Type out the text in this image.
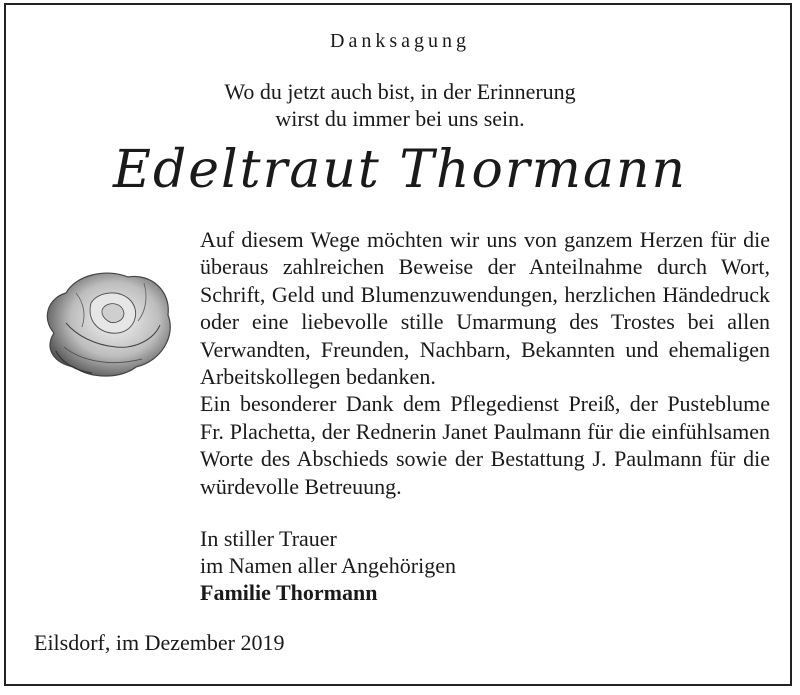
Danksagung
Wo du jetzt auch bist, in der Erinnerung
wirst du immer bei uns sein.
Edeltraut Thormann

Auf diesem Wege möchten wir uns von ganzem Herzen für die überaus zahlreichen Beweise der Anteilnahme durch Wort, Schrift, Geld und Blumenzuwendungen, herzlichen Händedruck oder eine liebevolle stille Umarmung des Trostes bei allen Verwandten, Freunden, Nachbarn, Bekannten und ehemaligen Arbeitskollegen bedanken.

Ein besonderer Dank dem Pflegedienst Preiß, der Pusteblume Fr. Plachetta, der Rednerin Janet Paulmann für die einfühlsamen Worte des Abschieds sowie der Bestattung J. Paulmann für die würdevolle Betreuung.

In stiller Trauer
im Namen aller Angehörigen
Familie Thormann
Eilsdorf, im Dezember 2019
